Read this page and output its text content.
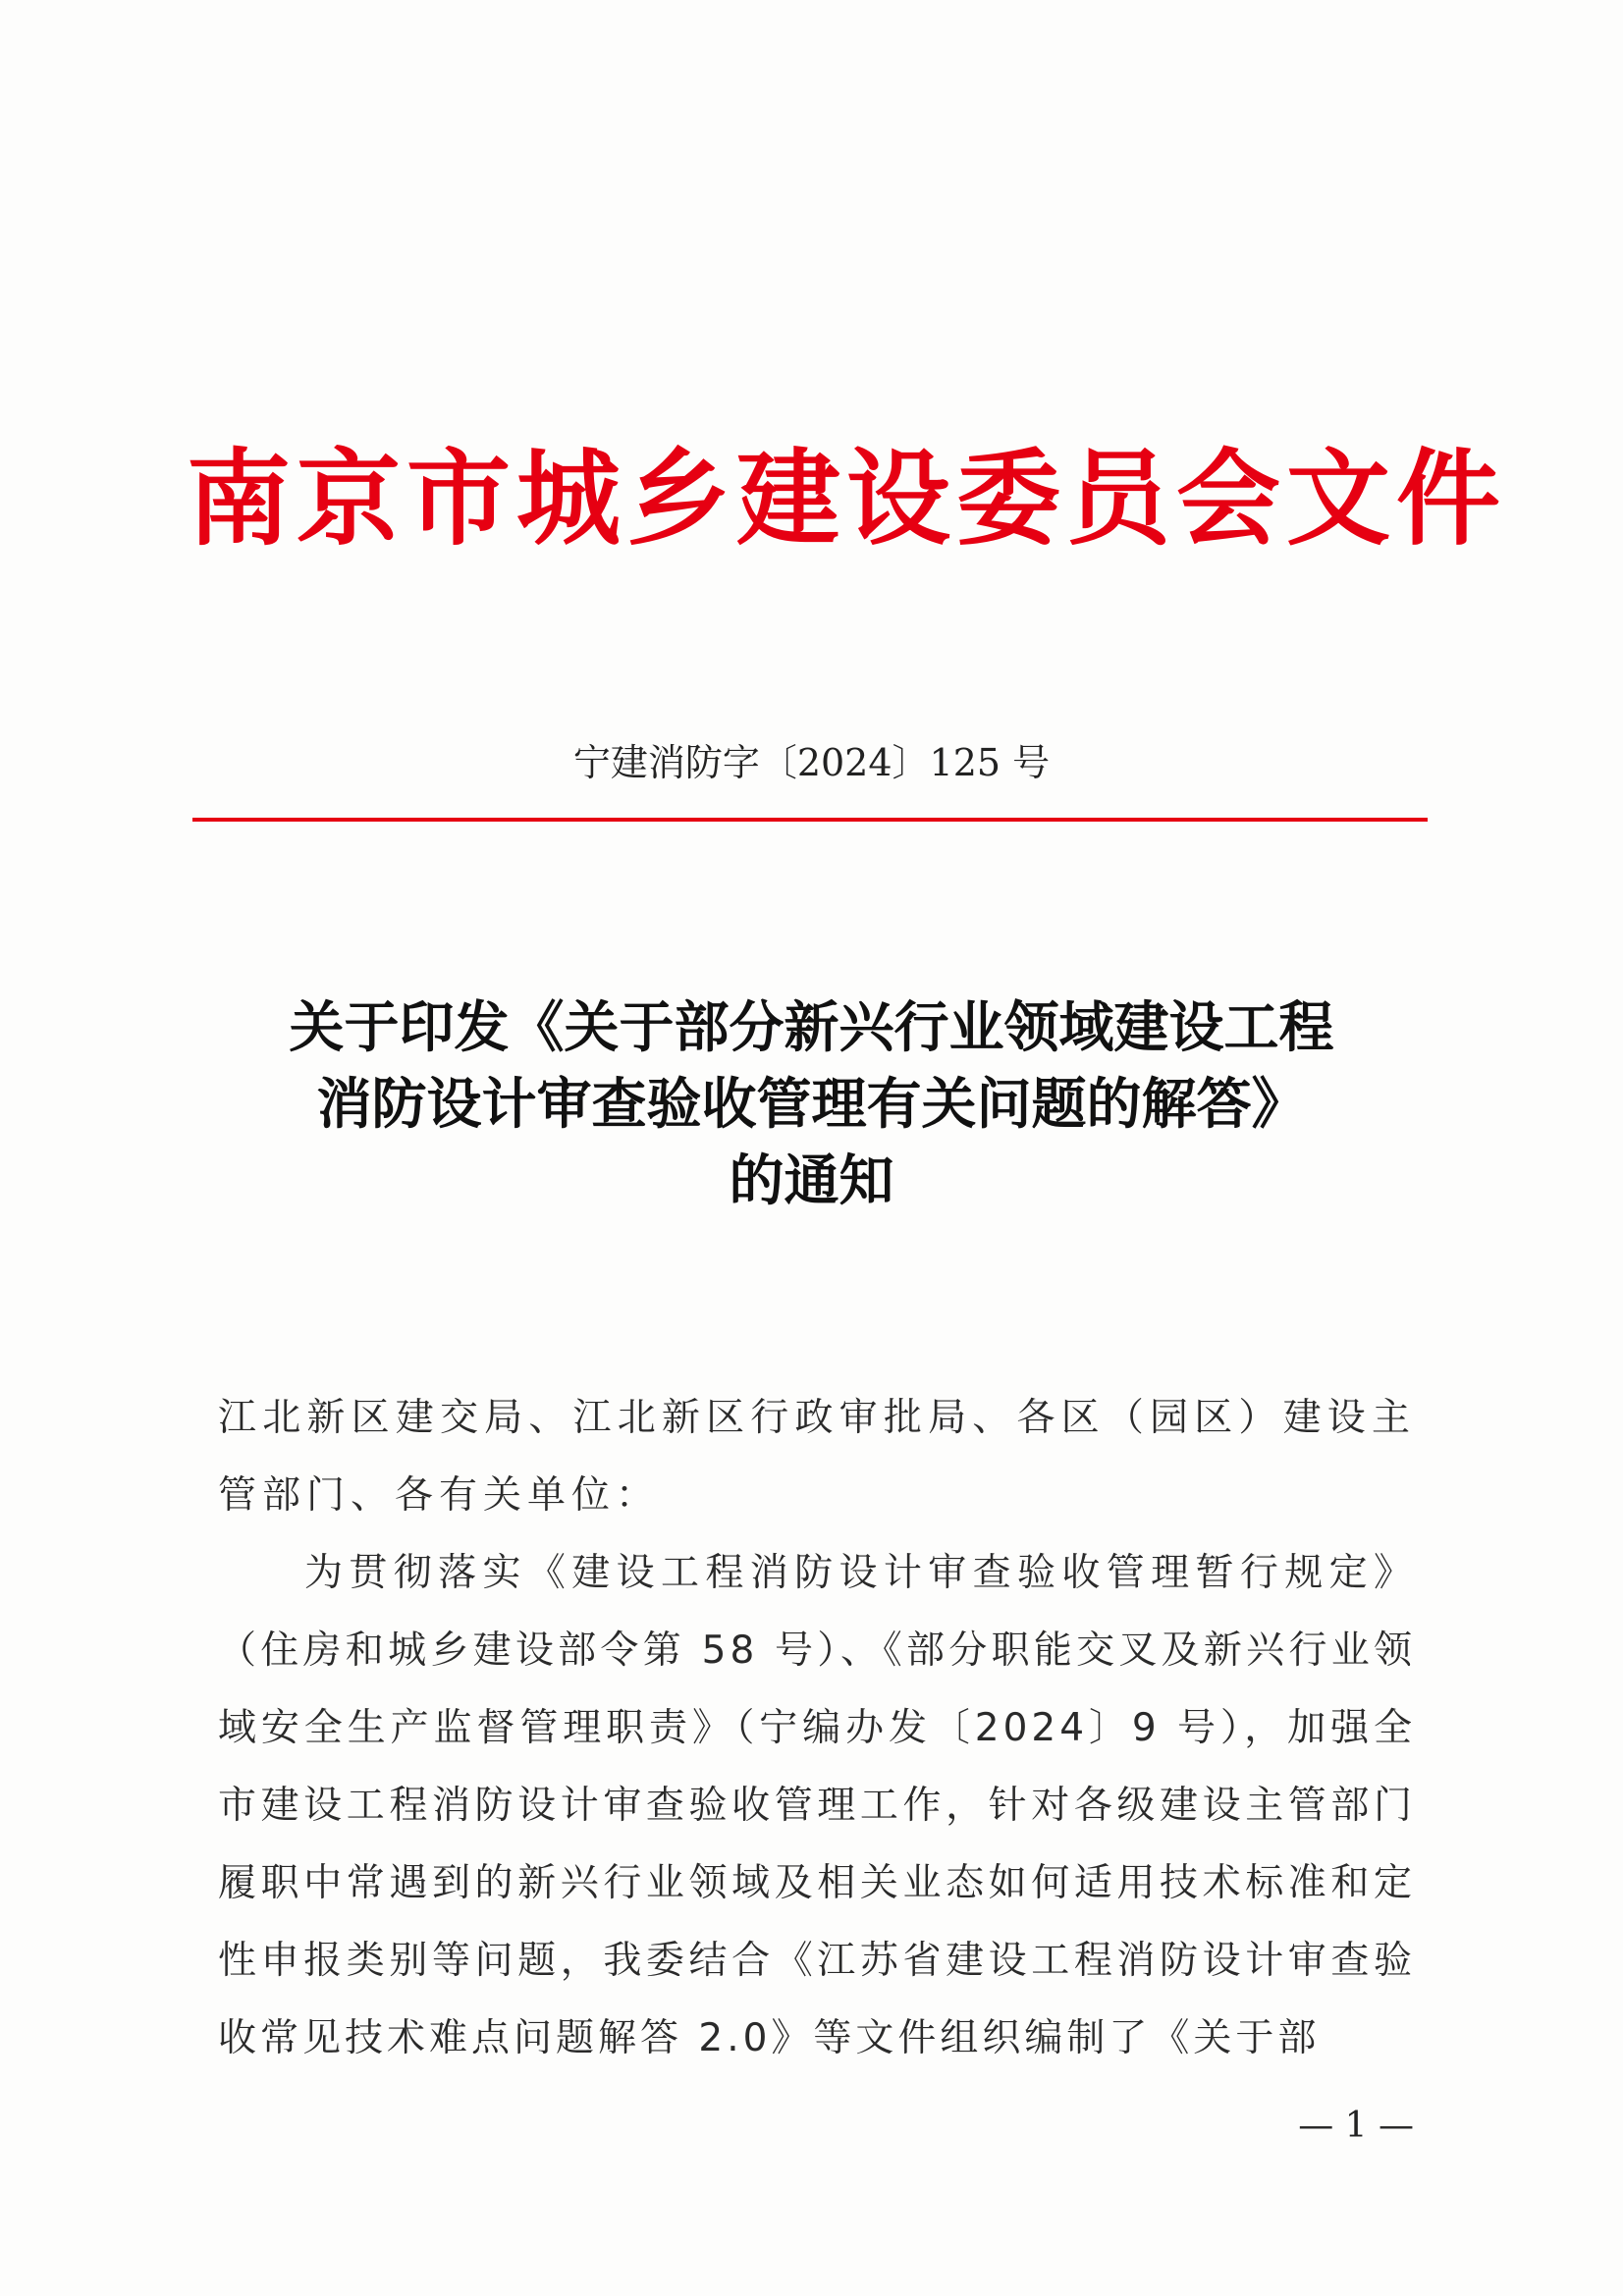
南京市城乡建设委员会文件
宁建消防字〔2024〕125 号
关于印发《关于部分新兴行业领域建设工程
消防设计审查验收管理有关问题的解答》
的通知

江北新区建交局、江北新区行政审批局、各区（园区）建设主管部门、各有关单位：

为贯彻落实《建设工程消防设计审查验收管理暂行规定》（住房和城乡建设部令第 58 号）、《部分职能交叉及新兴行业领域安全生产监督管理职责》（宁编办发〔2024〕9 号），加强全市建设工程消防设计审查验收管理工作，针对各级建设主管部门履职中常遇到的新兴行业领域及相关业态如何适用技术标准和定性申报类别等问题，我委结合《江苏省建设工程消防设计审查验收常见技术难点问题解答 2.0》等文件组织编制了《关于部

— 1 —
